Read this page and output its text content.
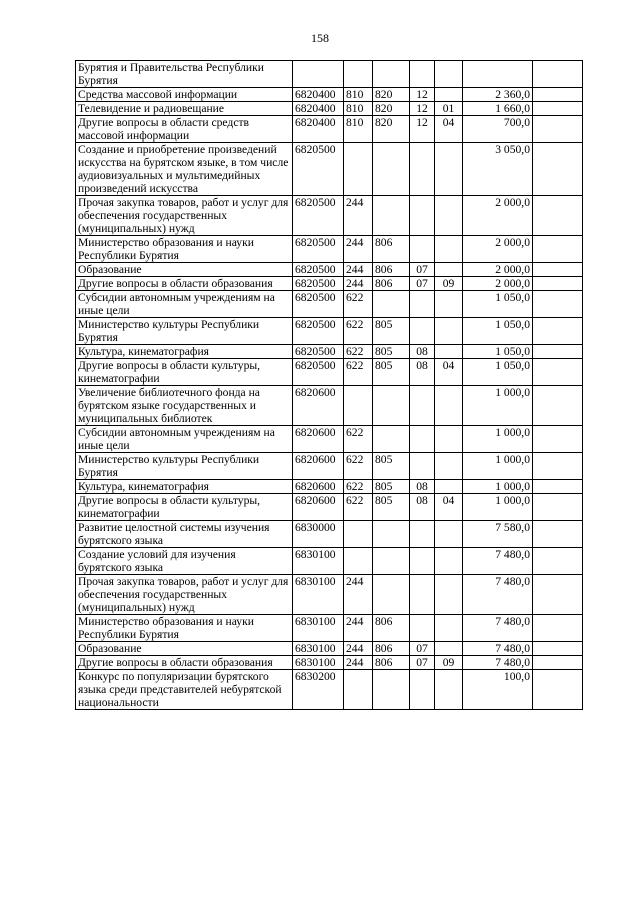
158
Бурятия и Правительства Республики Бурятия							
Средства массовой информации	6820400	810	820	12		2 360,0	
Телевидение и радиовещание	6820400	810	820	12	01	1 660,0	
Другие вопросы в области средств массовой информации	6820400	810	820	12	04	700,0	
Создание и приобретение произведений искусства на бурятском языке, в том числе аудиовизуальных и мультимедийных произведений искусства	6820500					3 050,0	
Прочая закупка товаров, работ и услуг для обеспечения государственных (муниципальных) нужд	6820500	244				2 000,0	
Министерство образования и науки Республики Бурятия	6820500	244	806			2 000,0	
Образование	6820500	244	806	07		2 000,0	
Другие вопросы в области образования	6820500	244	806	07	09	2 000,0	
Субсидии автономным учреждениям на иные цели	6820500	622				1 050,0	
Министерство культуры Республики Бурятия	6820500	622	805			1 050,0	
Культура, кинематография	6820500	622	805	08		1 050,0	
Другие вопросы в области культуры, кинематографии	6820500	622	805	08	04	1 050,0	
Увеличение библиотечного фонда на бурятском языке государственных и муниципальных библиотек	6820600					1 000,0	
Субсидии автономным учреждениям на иные цели	6820600	622				1 000,0	
Министерство культуры Республики Бурятия	6820600	622	805			1 000,0	
Культура, кинематография	6820600	622	805	08		1 000,0	
Другие вопросы в области культуры, кинематографии	6820600	622	805	08	04	1 000,0	
Развитие целостной системы изучения бурятского языка	6830000					7 580,0	
Создание условий для изучения бурятского языка	6830100					7 480,0	
Прочая закупка товаров, работ и услуг для обеспечения государственных (муниципальных) нужд	6830100	244				7 480,0	
Министерство образования и науки Республики Бурятия	6830100	244	806			7 480,0	
Образование	6830100	244	806	07		7 480,0	
Другие вопросы в области образования	6830100	244	806	07	09	7 480,0	
Конкурс по популяризации бурятского языка среди представителей небурятской национальности	6830200					100,0	
